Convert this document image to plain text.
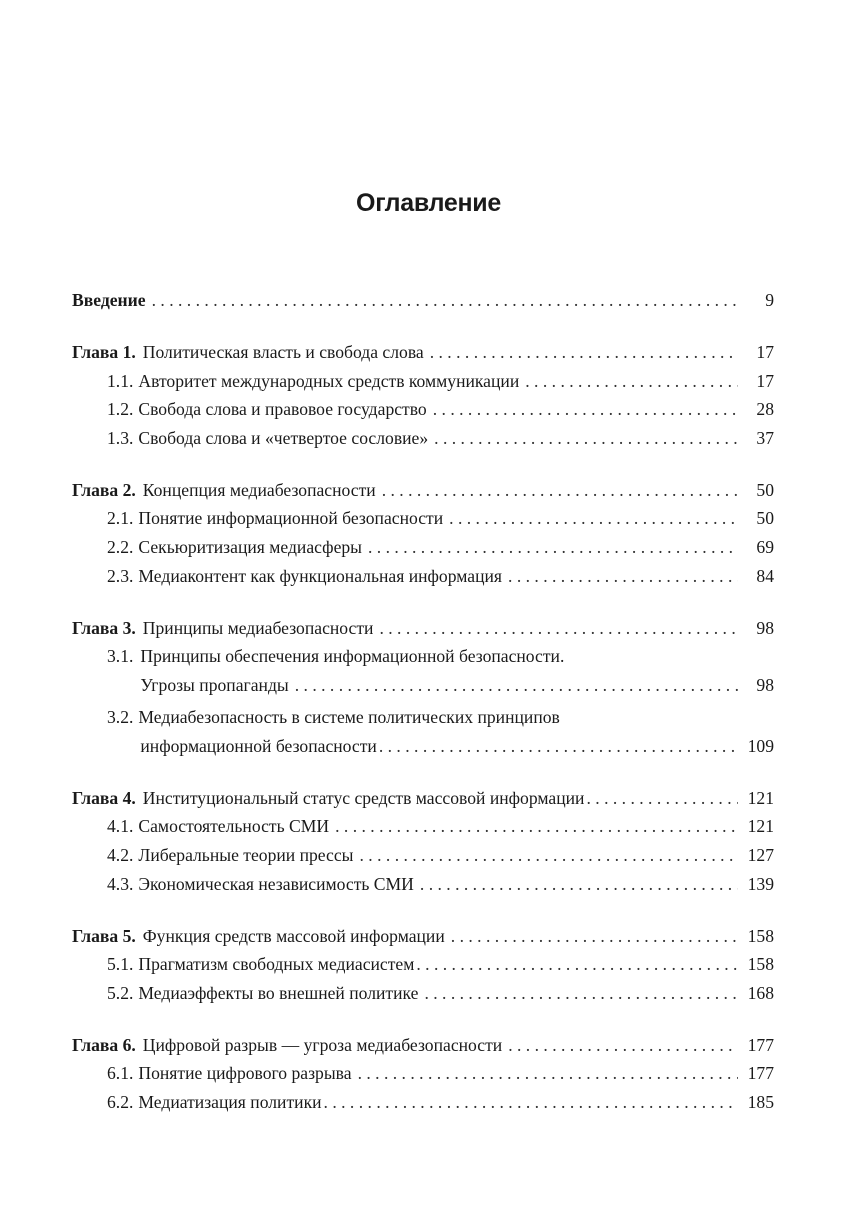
Оглавление
Введение . . .	9
Глава 1. Политическая власть и свобода слова . . .	17
1.1. Авторитет международных средств коммуникации . . .	17
1.2. Свобода слова и правовое государство . . .	28
1.3. Свобода слова и «четвертое сословие» . . .	37
Глава 2. Концепция медиабезопасности . . .	50
2.1. Понятие информационной безопасности . . .	50
2.2. Секьюритизация медиасферы . . .	69
2.3. Медиаконтент как функциональная информация . . .	84
Глава 3. Принципы медиабезопасности . . .	98
3.1. Принципы обеспечения информационной безопасности.
Угрозы пропаганды . . .	98
3.2. Медиабезопасность в системе политических принципов
информационной безопасности . . .	109
Глава 4. Институциональный статус средств массовой информации . . .	121
4.1. Самостоятельность СМИ . . .	121
4.2. Либеральные теории прессы . . .	127
4.3. Экономическая независимость СМИ . . .	139
Глава 5. Функция средств массовой информации . . .	158
5.1. Прагматизм свободных медиасистем . . .	158
5.2. Медиаэффекты во внешней политике . . .	168
Глава 6. Цифровой разрыв — угроза медиабезопасности . . .	177
6.1. Понятие цифрового разрыва . . .	177
6.2. Медиатизация политики . . .	185
